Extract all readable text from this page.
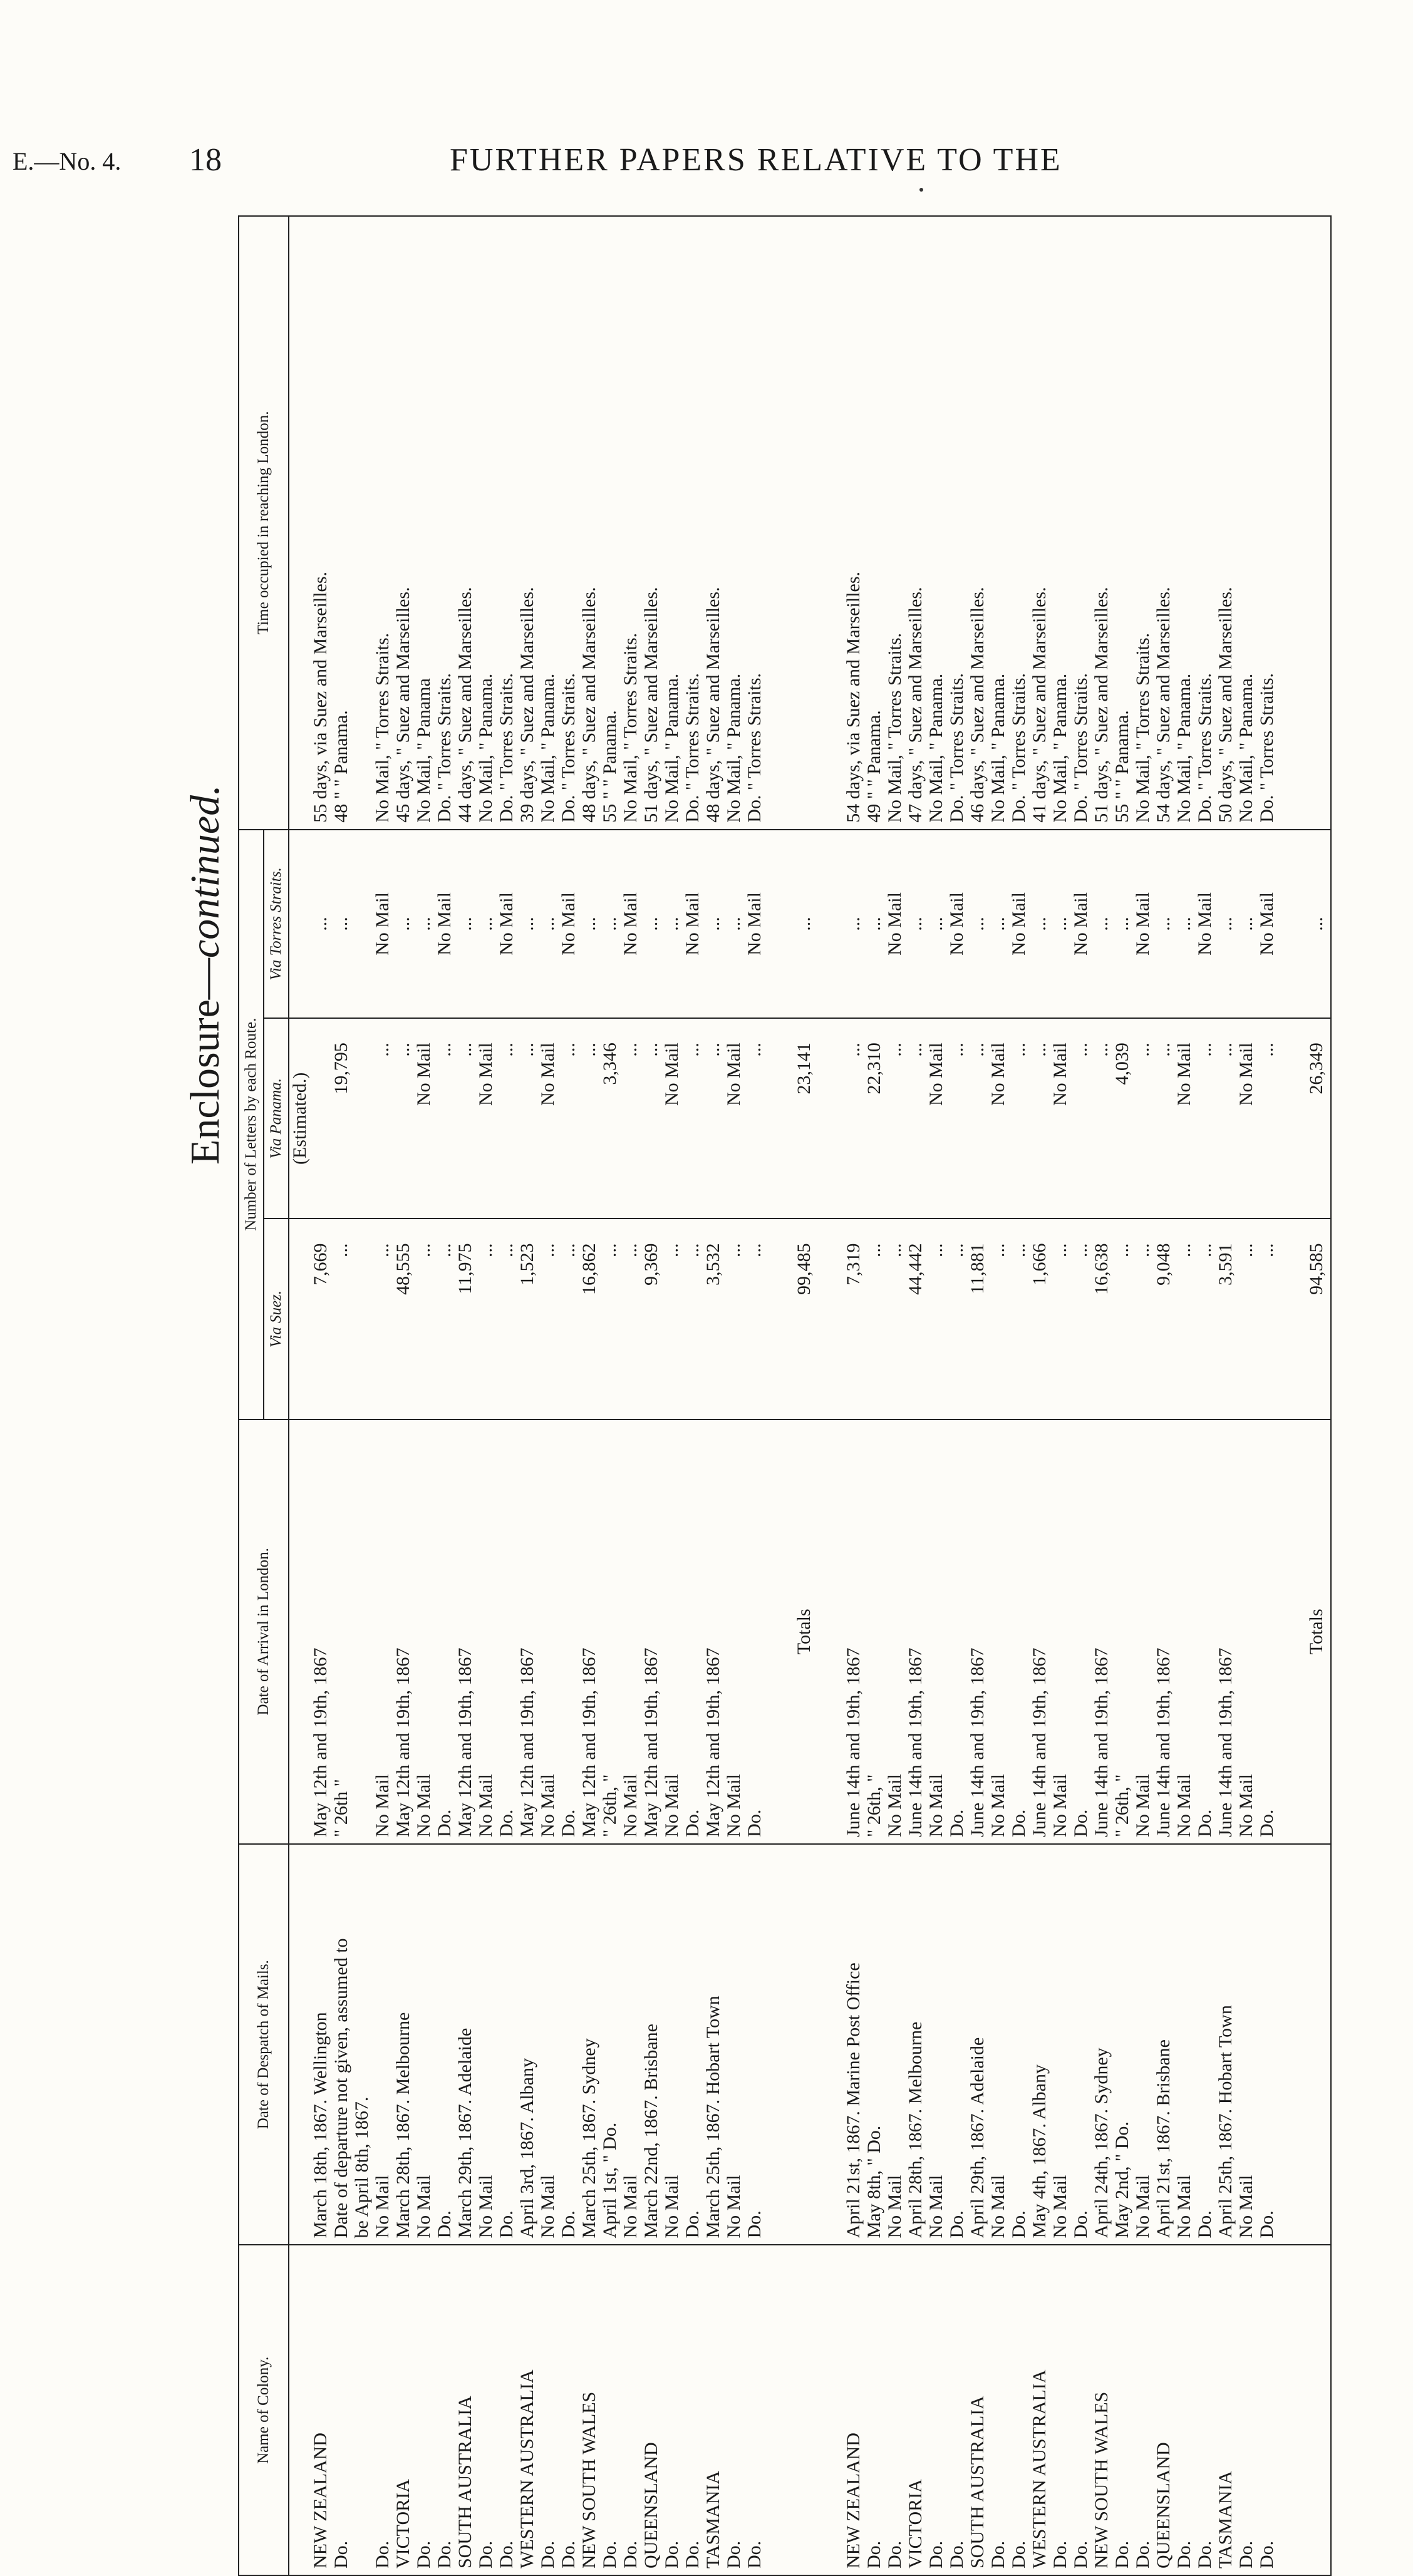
E.—No. 4. 18	FURTHER PAPERS RELATIVE TO THE
Enclosure—continued.
Name of Colony.	Date of Despatch of Mails.	Date of Arrival in London.	Number of Letters by each Route.			Time occupied in reaching London.
			Via Suez.	Via Panama.	Via Torres Straits.	
				(Estimated.)		
NEW ZEALAND	March 18th, 1867. Wellington	May 12th and 19th, 1867	7,669		...	55 days, via Suez and Marseilles.
Do.	Date of departure not given, assumed to	" 26th "	...	19,795	...	48 " " Panama.
	be April 8th, 1867.					
Do.	No Mail	No Mail	...	...	No Mail	No Mail, " Torres Straits.
VICTORIA	March 28th, 1867. Melbourne	May 12th and 19th, 1867	48,555	...	...	45 days, " Suez and Marseilles.
Do.	No Mail	No Mail	...	No Mail	...	No Mail, " Panama
Do.	Do.	Do.	...	...	No Mail	Do. " Torres Straits.
SOUTH AUSTRALIA	March 29th, 1867. Adelaide	May 12th and 19th, 1867	11,975	...	...	44 days, " Suez and Marseilles.
Do.	No Mail	No Mail	...	No Mail	...	No Mail, " Panama.
Do.	Do.	Do.	...	...	No Mail	Do. " Torres Straits.
WESTERN AUSTRALIA	April 3rd, 1867. Albany	May 12th and 19th, 1867	1,523	...	...	39 days, " Suez and Marseilles.
Do.	No Mail	No Mail	...	No Mail	...	No Mail, " Panama.
Do.	Do.	Do.	...	...	No Mail	Do. " Torres Straits.
NEW SOUTH WALES	March 25th, 1867. Sydney	May 12th and 19th, 1867	16,862	...	...	48 days, " Suez and Marseilles.
Do.	April 1st, " Do.	" 26th, "	...	3,346	...	55 " " Panama.
Do.	No Mail	No Mail	...	...	No Mail	No Mail, " Torres Straits.
QUEENSLAND	March 22nd, 1867. Brisbane	May 12th and 19th, 1867	9,369	...	...	51 days, " Suez and Marseilles.
Do.	No Mail	No Mail	...	No Mail	...	No Mail, " Panama.
Do.	Do.	Do.	...	...	No Mail	Do. " Torres Straits.
TASMANIA	March 25th, 1867. Hobart Town	May 12th and 19th, 1867	3,532	...	...	48 days, " Suez and Marseilles.
Do.	No Mail	No Mail	...	No Mail	...	No Mail, " Panama.
Do.	Do.	Do.	...	...	No Mail	Do. " Torres Straits.

		Totals	99,485	23,141	...	

NEW ZEALAND	April 21st, 1867. Marine Post Office	June 14th and 19th, 1867	7,319	...	...	54 days, via Suez and Marseilles.
Do.	May 8th, " Do.	" 26th, "	...	22,310	...	49 " " Panama.
Do.	No Mail	No Mail	...	...	No Mail	No Mail, " Torres Straits.
VICTORIA	April 28th, 1867. Melbourne	June 14th and 19th, 1867	44,442	...	...	47 days, " Suez and Marseilles.
Do.	No Mail	No Mail	...	No Mail	...	No Mail, " Panama.
Do.	Do.	Do.	...	...	No Mail	Do. " Torres Straits.
SOUTH AUSTRALIA	April 29th, 1867. Adelaide	June 14th and 19th, 1867	11,881	...	...	46 days, " Suez and Marseilles.
Do.	No Mail	No Mail	...	No Mail	...	No Mail, " Panama.
Do.	Do.	Do.	...	...	No Mail	Do. " Torres Straits.
WESTERN AUSTRALIA	May 4th, 1867. Albany	June 14th and 19th, 1867	1,666	...	...	41 days, " Suez and Marseilles.
Do.	No Mail	No Mail	...	No Mail	...	No Mail, " Panama.
Do.	Do.	Do.	...	...	No Mail	Do. " Torres Straits.
NEW SOUTH WALES	April 24th, 1867. Sydney	June 14th and 19th, 1867	16,638	...	...	51 days, " Suez and Marseilles.
Do.	May 2nd, " Do.	" 26th, "	...	4,039	...	55 " " Panama.
Do.	No Mail	No Mail	...	...	No Mail	No Mail, " Torres Straits.
QUEENSLAND	April 21st, 1867. Brisbane	June 14th and 19th, 1867	9,048	...	...	54 days, " Suez and Marseilles.
Do.	No Mail	No Mail	...	No Mail	...	No Mail, " Panama.
Do.	Do.	Do.	...	...	No Mail	Do. " Torres Straits.
TASMANIA	April 25th, 1867. Hobart Town	June 14th and 19th, 1867	3,591	...	...	50 days, " Suez and Marseilles.
Do.	No Mail	No Mail	...	No Mail	...	No Mail, " Panama.
Do.	Do.	Do.	...	...	No Mail	Do. " Torres Straits.

		Totals	94,585	26,349	...	
